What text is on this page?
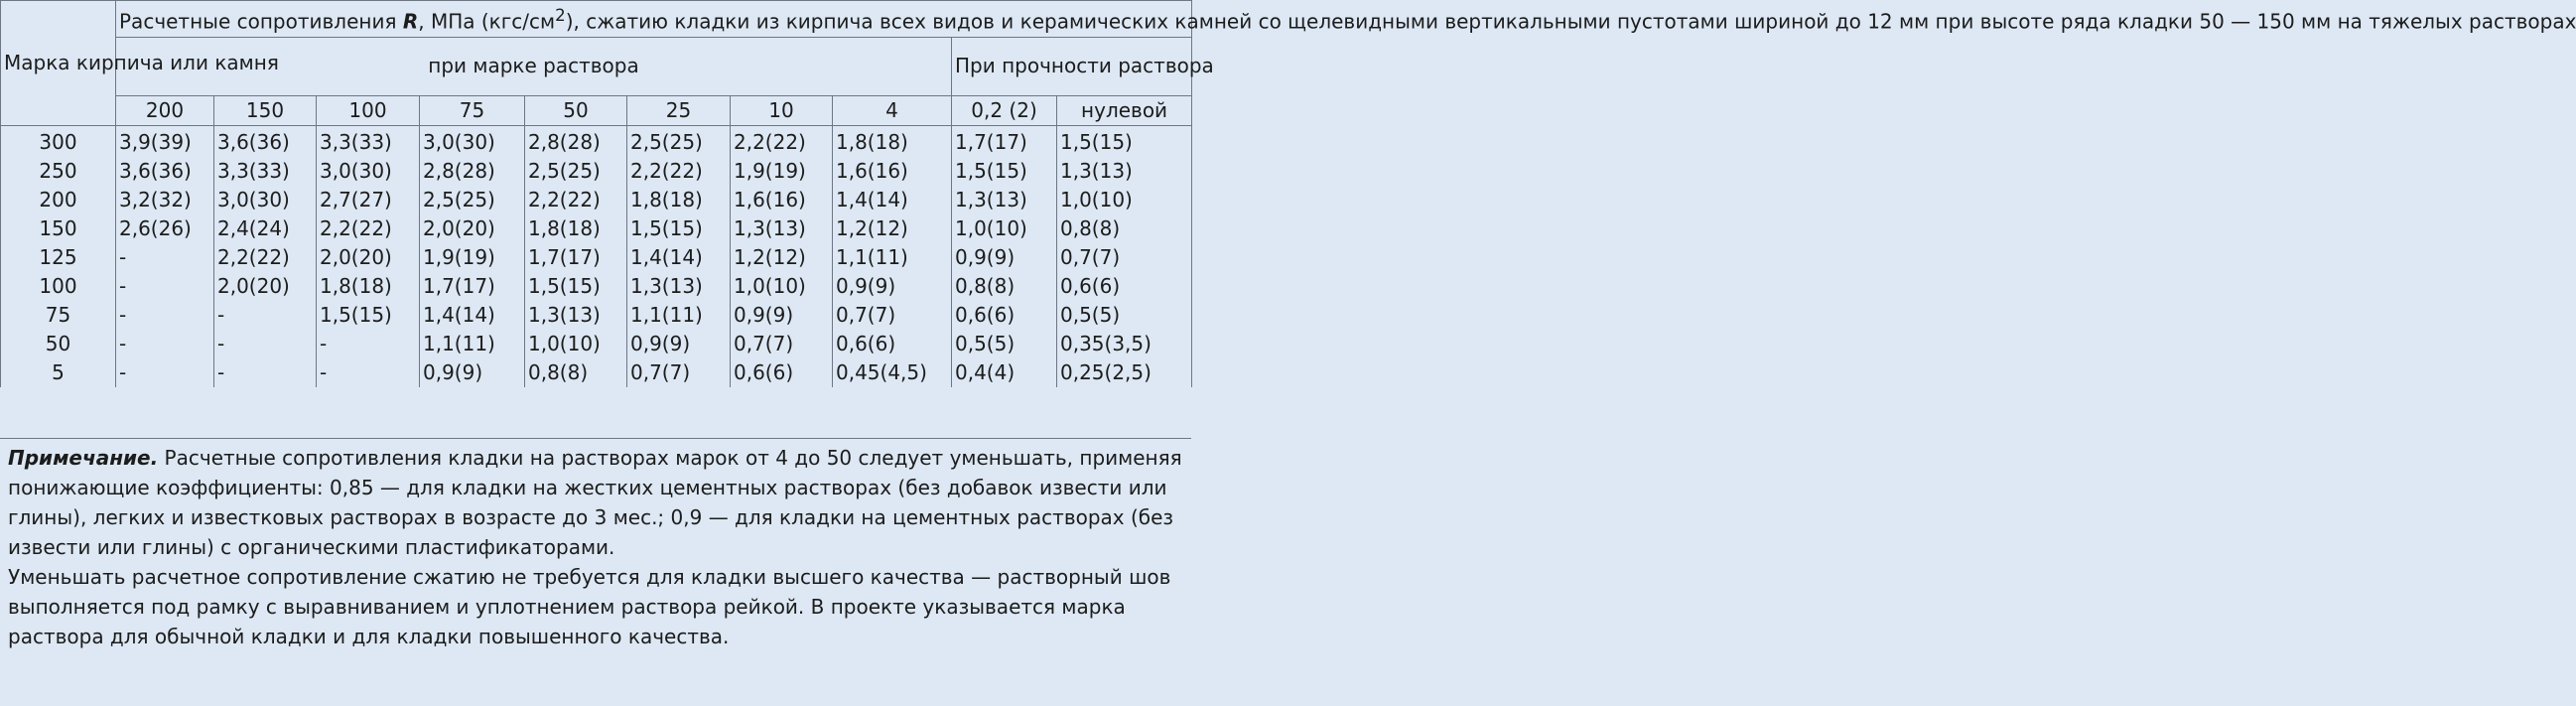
Марка кирпича или камня	Расчетные сопротивления R, МПа $(кгс/см^2)$, сжатию кладки из кирпича всех видов и керамических камней со щелевидными вертикальными пустотами шириной до 12 мм при высоте ряда кладки 50 — 150 мм на тяжелых растворах									
	при марке раствора								При прочности раствора	
	200	150	100	75	50	25	10	4	0,2 (2)	нулевой
300	3,9(39)	3,6(36)	3,3(33)	3,0(30)	2,8(28)	2,5(25)	2,2(22)	1,8(18)	1,7(17)	1,5(15)
250	3,6(36)	3,3(33)	3,0(30)	2,8(28)	2,5(25)	2,2(22)	1,9(19)	1,6(16)	1,5(15)	1,3(13)
200	3,2(32)	3,0(30)	2,7(27)	2,5(25)	2,2(22)	1,8(18)	1,6(16)	1,4(14)	1,3(13)	1,0(10)
150	2,6(26)	2,4(24)	2,2(22)	2,0(20)	1,8(18)	1,5(15)	1,3(13)	1,2(12)	1,0(10)	0,8(8)
125	-	2,2(22)	2,0(20)	1,9(19)	1,7(17)	1,4(14)	1,2(12)	1,1(11)	0,9(9)	0,7(7)
100	-	2,0(20)	1,8(18)	1,7(17)	1,5(15)	1,3(13)	1,0(10)	0,9(9)	0,8(8)	0,6(6)
75	-	-	1,5(15)	1,4(14)	1,3(13)	1,1(11)	0,9(9)	0,7(7)	0,6(6)	0,5(5)
50	-	-	-	1,1(11)	1,0(10)	0,9(9)	0,7(7)	0,6(6)	0,5(5)	0,35(3,5)
5	-	-	-	0,9(9)	0,8(8)	0,7(7)	0,6(6)	0,45(4,5)	0,4(4)	0,25(2,5)

Примечание. Расчетные сопротивления кладки на растворах марок от 4 до 50 следует уменьшать, применяя понижающие коэффициенты: 0,85 — для кладки на жестких цементных растворах (без добавок извести или глины), легких и известковых растворах в возрасте до 3 мес.; 0,9 — для кладки на цементных растворах (без извести или глины) с органическими пластификаторами.

Уменьшать расчетное сопротивление сжатию не требуется для кладки высшего качества — растворный шов выполняется под рамку с выравниванием и уплотнением раствора рейкой. В проекте указывается марка раствора для обычной кладки и для кладки повышенного качества.
